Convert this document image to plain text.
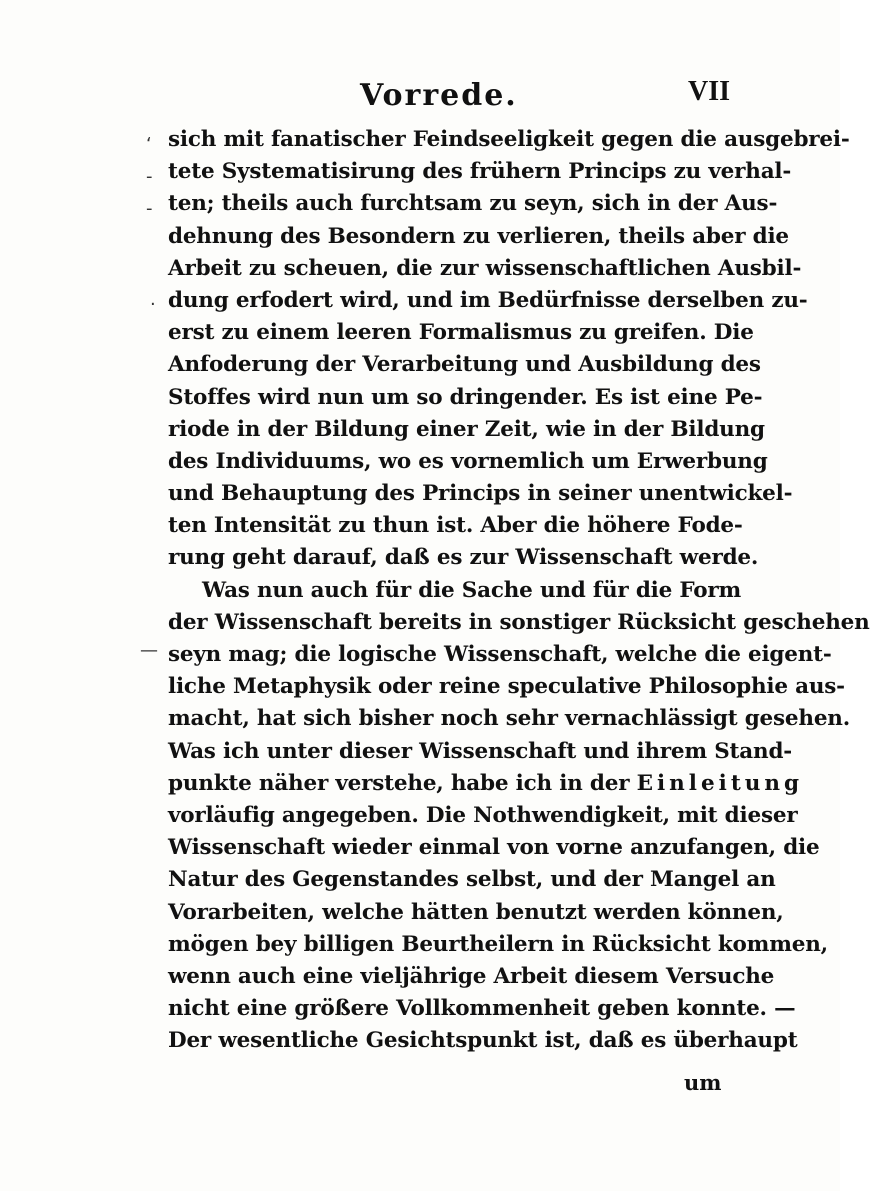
Vorrede.	VII
‘
-
-
·
—
sich mit fanatischer Feindseeligkeit gegen die ausgebrei-
tete Systematisirung des frühern Princips zu verhal-
ten; theils auch furchtsam zu seyn, sich in der Aus-
dehnung des Besondern zu verlieren, theils aber die
Arbeit zu scheuen, die zur wissenschaftlichen Ausbil-
dung erfodert wird, und im Bedürfnisse derselben zu-
erst zu einem leeren Formalismus zu greifen. Die
Anfoderung der Verarbeitung und Ausbildung des
Stoffes wird nun um so dringender. Es ist eine Pe-
riode in der Bildung einer Zeit, wie in der Bildung
des Individuums, wo es vornemlich um Erwerbung
und Behauptung des Princips in seiner unentwickel-
ten Intensität zu thun ist. Aber die höhere Fode-
rung geht darauf, daß es zur Wissenschaft werde.
Was nun auch für die Sache und für die Form
der Wissenschaft bereits in sonstiger Rücksicht geschehen
seyn mag; die logische Wissenschaft, welche die eigent-
liche Metaphysik oder reine speculative Philosophie aus-
macht, hat sich bisher noch sehr vernachlässigt gesehen.
Was ich unter dieser Wissenschaft und ihrem Stand-
punkte näher verstehe, habe ich in der Einleitung
vorläufig angegeben. Die Nothwendigkeit, mit dieser
Wissenschaft wieder einmal von vorne anzufangen, die
Natur des Gegenstandes selbst, und der Mangel an
Vorarbeiten, welche hätten benutzt werden können,
mögen bey billigen Beurtheilern in Rücksicht kommen,
wenn auch eine vieljährige Arbeit diesem Versuche
nicht eine größere Vollkommenheit geben konnte. —
Der wesentliche Gesichtspunkt ist, daß es überhaupt
um
